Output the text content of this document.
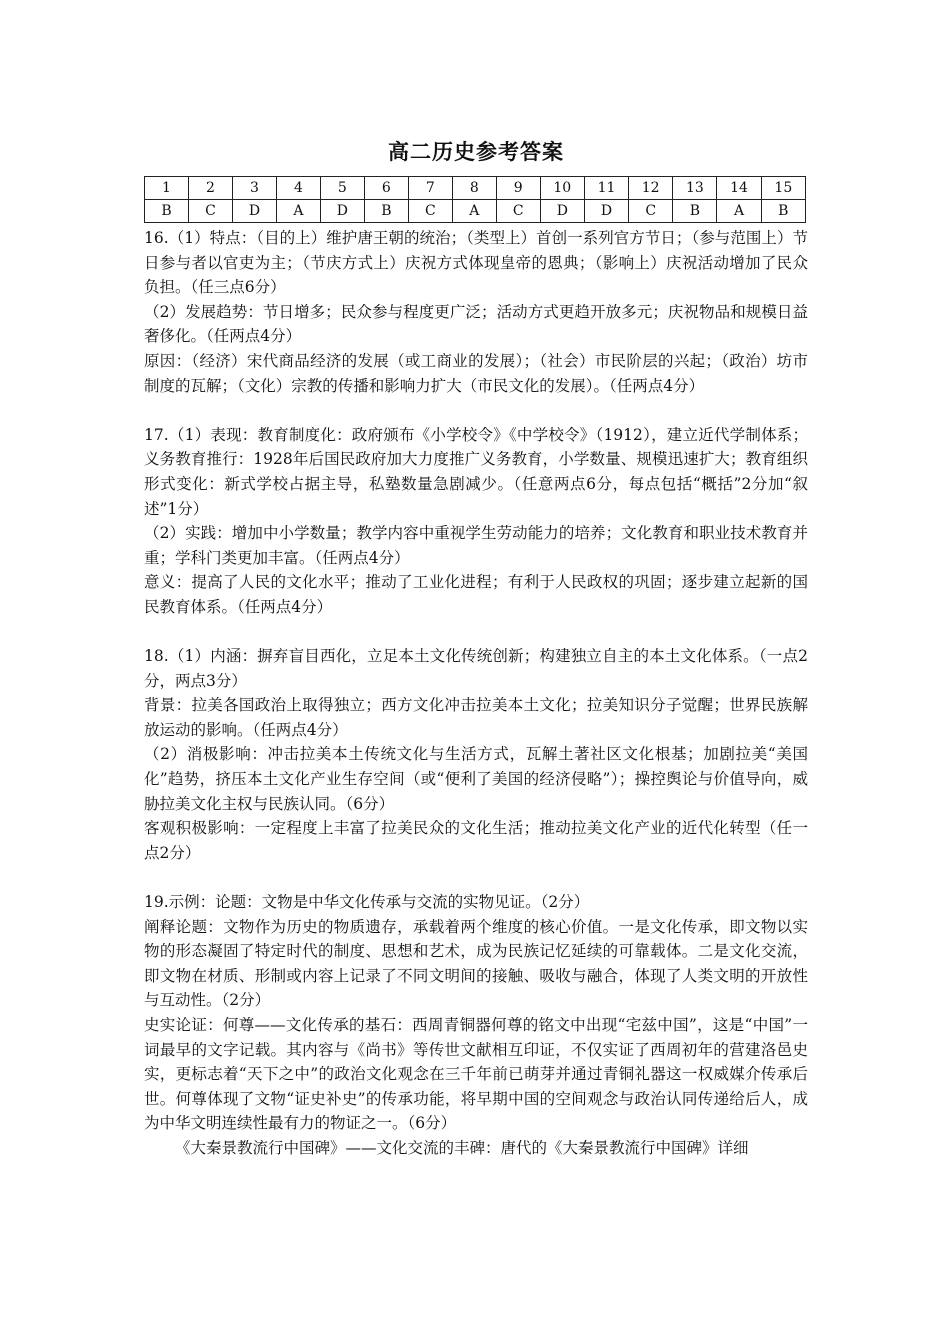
高二历史参考答案
1	2	3	4	5	6	7	8	9	10	11	12	13	14	15
B	C	D	A	D	B	C	A	C	D	D	C	B	A	B

16.（1）特点：（目的上）维护唐王朝的统治；（类型上）首创一系列官方节日；（参与范围上）节日参与者以官吏为主；（节庆方式上）庆祝方式体现皇帝的恩典；（影响上）庆祝活动增加了民众负担。（任三点6分）

（2）发展趋势：节日增多；民众参与程度更广泛；活动方式更趋开放多元；庆祝物品和规模日益奢侈化。（任两点4分）

原因：（经济）宋代商品经济的发展（或工商业的发展）；（社会）市民阶层的兴起；（政治）坊市制度的瓦解；（文化）宗教的传播和影响力扩大（市民文化的发展）。（任两点4分）

17.（1）表现：教育制度化：政府颁布《小学校令》《中学校令》（1912），建立近代学制体系；义务教育推行：1928年后国民政府加大力度推广义务教育，小学数量、规模迅速扩大；教育组织形式变化：新式学校占据主导，私塾数量急剧减少。（任意两点6分，每点包括“概括”2分加“叙述”1分）

（2）实践：增加中小学数量；教学内容中重视学生劳动能力的培养；文化教育和职业技术教育并重；学科门类更加丰富。（任两点4分）

意义：提高了人民的文化水平；推动了工业化进程；有利于人民政权的巩固；逐步建立起新的国民教育体系。（任两点4分）

18.（1）内涵：摒弃盲目西化，立足本土文化传统创新；构建独立自主的本土文化体系。（一点2分，两点3分）

背景：拉美各国政治上取得独立；西方文化冲击拉美本土文化；拉美知识分子觉醒；世界民族解放运动的影响。（任两点4分）

（2）消极影响：冲击拉美本土传统文化与生活方式，瓦解土著社区文化根基；加剧拉美“美国化”趋势，挤压本土文化产业生存空间（或“便利了美国的经济侵略”）；操控舆论与价值导向，威胁拉美文化主权与民族认同。（6分）

客观积极影响：一定程度上丰富了拉美民众的文化生活；推动拉美文化产业的近代化转型（任一点2分）

19.示例：论题：文物是中华文化传承与交流的实物见证。（2分）

阐释论题：文物作为历史的物质遗存，承载着两个维度的核心价值。一是文化传承，即文物以实物的形态凝固了特定时代的制度、思想和艺术，成为民族记忆延续的可靠载体。二是文化交流，即文物在材质、形制或内容上记录了不同文明间的接触、吸收与融合，体现了人类文明的开放性与互动性。（2分）

史实论证：何尊——文化传承的基石：西周青铜器何尊的铭文中出现“宅兹中国”，这是“中国”一词最早的文字记载。其内容与《尚书》等传世文献相互印证，不仅实证了西周初年的营建洛邑史实，更标志着“天下之中”的政治文化观念在三千年前已萌芽并通过青铜礼器这一权威媒介传承后世。何尊体现了文物“证史补史”的传承功能，将早期中国的空间观念与政治认同传递给后人，成为中华文明连续性最有力的物证之一。（6分）

《大秦景教流行中国碑》——文化交流的丰碑：唐代的《大秦景教流行中国碑》详细
